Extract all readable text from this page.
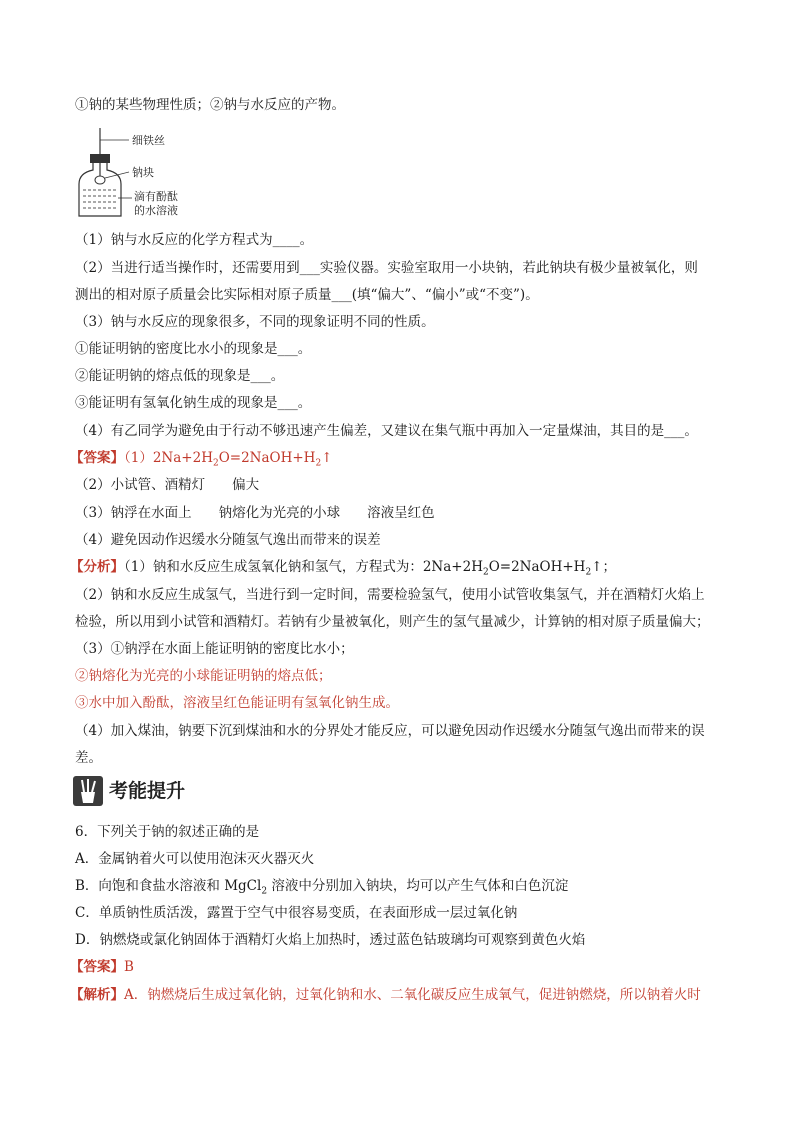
①钠的某些物理性质；②钠与水反应的产物。
细铁丝
钠块
滴有酚酞
的水溶液
（1）钠与水反应的化学方程式为____。
（2）当进行适当操作时，还需要用到___实验仪器。实验室取用一小块钠，若此钠块有极少量被氧化，则
测出的相对原子质量会比实际相对原子质量___(填“偏大”、“偏小”或“不变”)。
（3）钠与水反应的现象很多，不同的现象证明不同的性质。
①能证明钠的密度比水小的现象是___。
②能证明钠的熔点低的现象是___。
③能证明有氢氧化钠生成的现象是___。
（4）有乙同学为避免由于行动不够迅速产生偏差，又建议在集气瓶中再加入一定量煤油，其目的是___。
【答案】$(1)2Na+2H_2O=2NaOH+H_2↑$
（2）小试管、酒精灯　　偏大
（3）钠浮在水面上　　钠熔化为光亮的小球　　溶液呈红色
（4）避免因动作迟缓水分随氢气逸出而带来的误差
【分析】（1）钠和水反应生成氢氧化钠和氢气，方程式为：$2Na+2H_2O=2NaOH+H_2↑$；
（2）钠和水反应生成氢气，当进行到一定时间，需要检验氢气，使用小试管收集氢气，并在酒精灯火焰上
检验，所以用到小试管和酒精灯。若钠有少量被氧化，则产生的氢气量减少，计算钠的相对原子质量偏大；
（3）①钠浮在水面上能证明钠的密度比水小；
②钠熔化为光亮的小球能证明钠的熔点低；
③水中加入酚酞，溶液呈红色能证明有氢氧化钠生成。
（4）加入煤油，钠要下沉到煤油和水的分界处才能反应，可以避免因动作迟缓水分随氢气逸出而带来的误
差。
考能提升
6．下列关于钠的叙述正确的是
A．金属钠着火可以使用泡沫灭火器灭火
B．向饱和食盐水溶液和 MgCl$_2$ 溶液中分别加入钠块，均可以产生气体和白色沉淀
C．单质钠性质活泼，露置于空气中很容易变质，在表面形成一层过氧化钠
D．钠燃烧或氯化钠固体于酒精灯火焰上加热时，透过蓝色钴玻璃均可观察到黄色火焰
【答案】B
【解析】A．钠燃烧后生成过氧化钠，过氧化钠和水、二氧化碳反应生成氧气，促进钠燃烧，所以钠着火时
